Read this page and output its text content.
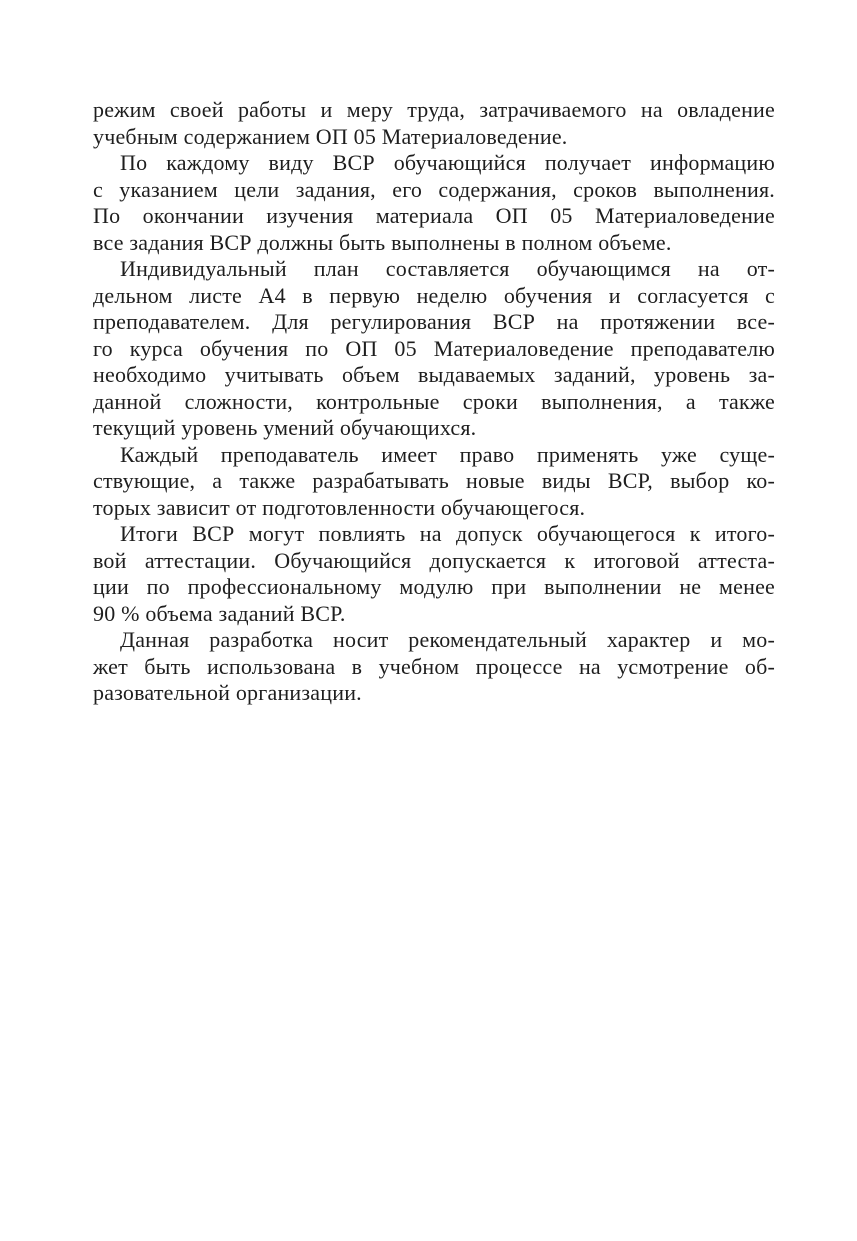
режим своей работы и меру труда, затрачиваемого на овладение
учебным содержанием ОП 05 Материаловедение.
По каждому виду ВСР обучающийся получает информацию
с указанием цели задания, его содержания, сроков выполнения.
По окончании изучения материала ОП 05 Материаловедение
все задания ВСР должны быть выполнены в полном объеме.
Индивидуальный план составляется обучающимся на от-
дельном листе А4 в первую неделю обучения и согласуется с
преподавателем. Для регулирования ВСР на протяжении все-
го курса обучения по ОП 05 Материаловедение преподавателю
необходимо учитывать объем выдаваемых заданий, уровень за-
данной сложности, контрольные сроки выполнения, а также
текущий уровень умений обучающихся.
Каждый преподаватель имеет право применять уже суще-
ствующие, а также разрабатывать новые виды ВСР, выбор ко-
торых зависит от подготовленности обучающегося.
Итоги ВСР могут повлиять на допуск обучающегося к итого-
вой аттестации. Обучающийся допускается к итоговой аттеста-
ции по профессиональному модулю при выполнении не менее
90 % объема заданий ВСР.
Данная разработка носит рекомендательный характер и мо-
жет быть использована в учебном процессе на усмотрение об-
разовательной организации.
